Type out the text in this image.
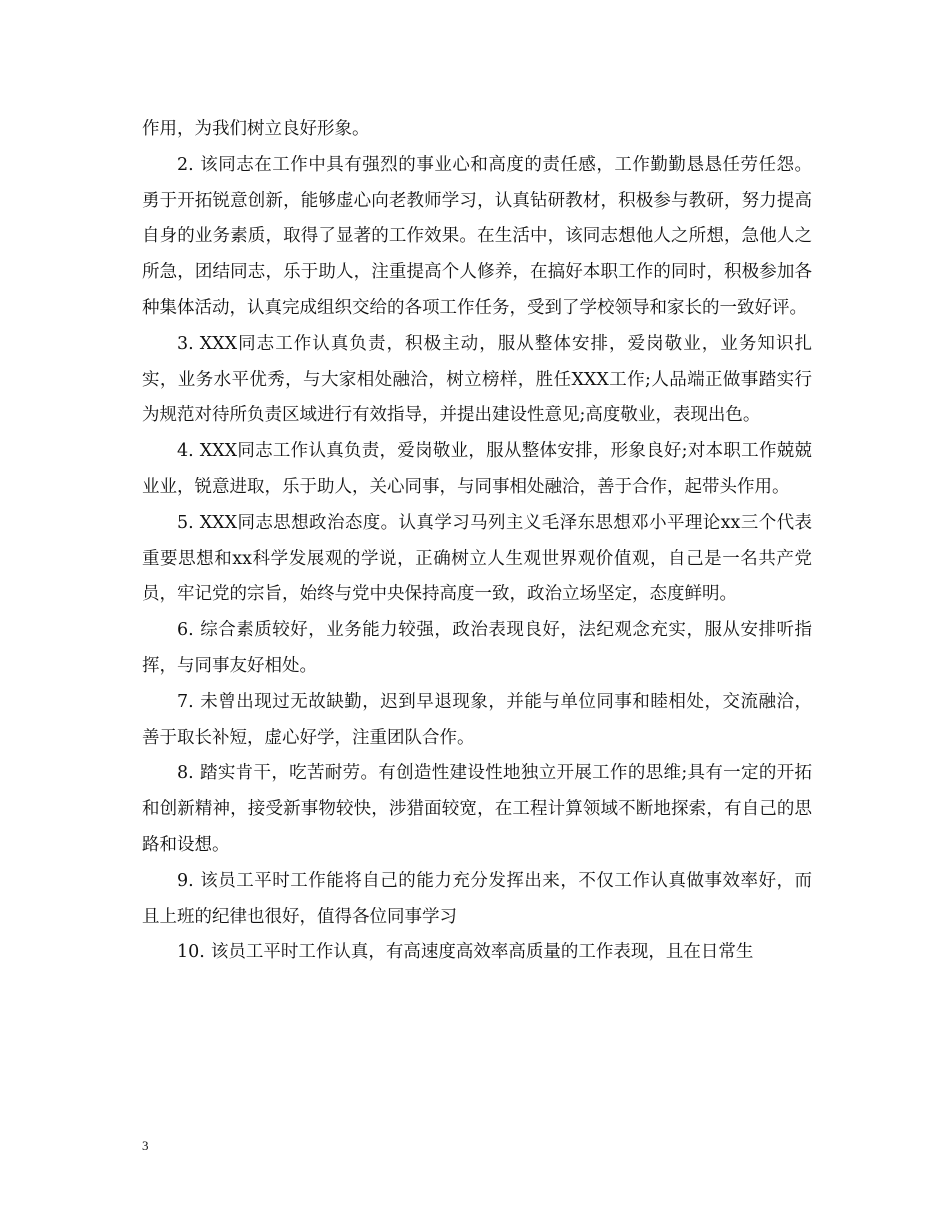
作用，为我们树立良好形象。

2. 该同志在工作中具有强烈的事业心和高度的责任感，工作勤勤恳恳任劳任怨。勇于开拓锐意创新，能够虚心向老教师学习，认真钻研教材，积极参与教研，努力提高自身的业务素质，取得了显著的工作效果。在生活中，该同志想他人之所想，急他人之所急，团结同志，乐于助人，注重提高个人修养，在搞好本职工作的同时，积极参加各种集体活动，认真完成组织交给的各项工作任务，受到了学校领导和家长的一致好评。

3. XXX同志工作认真负责，积极主动，服从整体安排，爱岗敬业，业务知识扎实，业务水平优秀，与大家相处融洽，树立榜样，胜任XXX工作;人品端正做事踏实行为规范对待所负责区域进行有效指导，并提出建设性意见;高度敬业，表现出色。

4. XXX同志工作认真负责，爱岗敬业，服从整体安排，形象良好;对本职工作兢兢业业，锐意进取，乐于助人，关心同事，与同事相处融洽，善于合作，起带头作用。

5. XXX同志思想政治态度。认真学习马列主义毛泽东思想邓小平理论xx三个代表重要思想和xx科学发展观的学说，正确树立人生观世界观价值观，自己是一名共产党员，牢记党的宗旨，始终与党中央保持高度一致，政治立场坚定，态度鲜明。

6. 综合素质较好，业务能力较强，政治表现良好，法纪观念充实，服从安排听指挥，与同事友好相处。

7. 未曾出现过无故缺勤，迟到早退现象，并能与单位同事和睦相处，交流融洽，善于取长补短，虚心好学，注重团队合作。

8. 踏实肯干，吃苦耐劳。有创造性建设性地独立开展工作的思维;具有一定的开拓和创新精神，接受新事物较快，涉猎面较宽，在工程计算领域不断地探索，有自己的思路和设想。

9. 该员工平时工作能将自己的能力充分发挥出来，不仅工作认真做事效率好，而且上班的纪律也很好，值得各位同事学习

10. 该员工平时工作认真，有高速度高效率高质量的工作表现，且在日常生

3
